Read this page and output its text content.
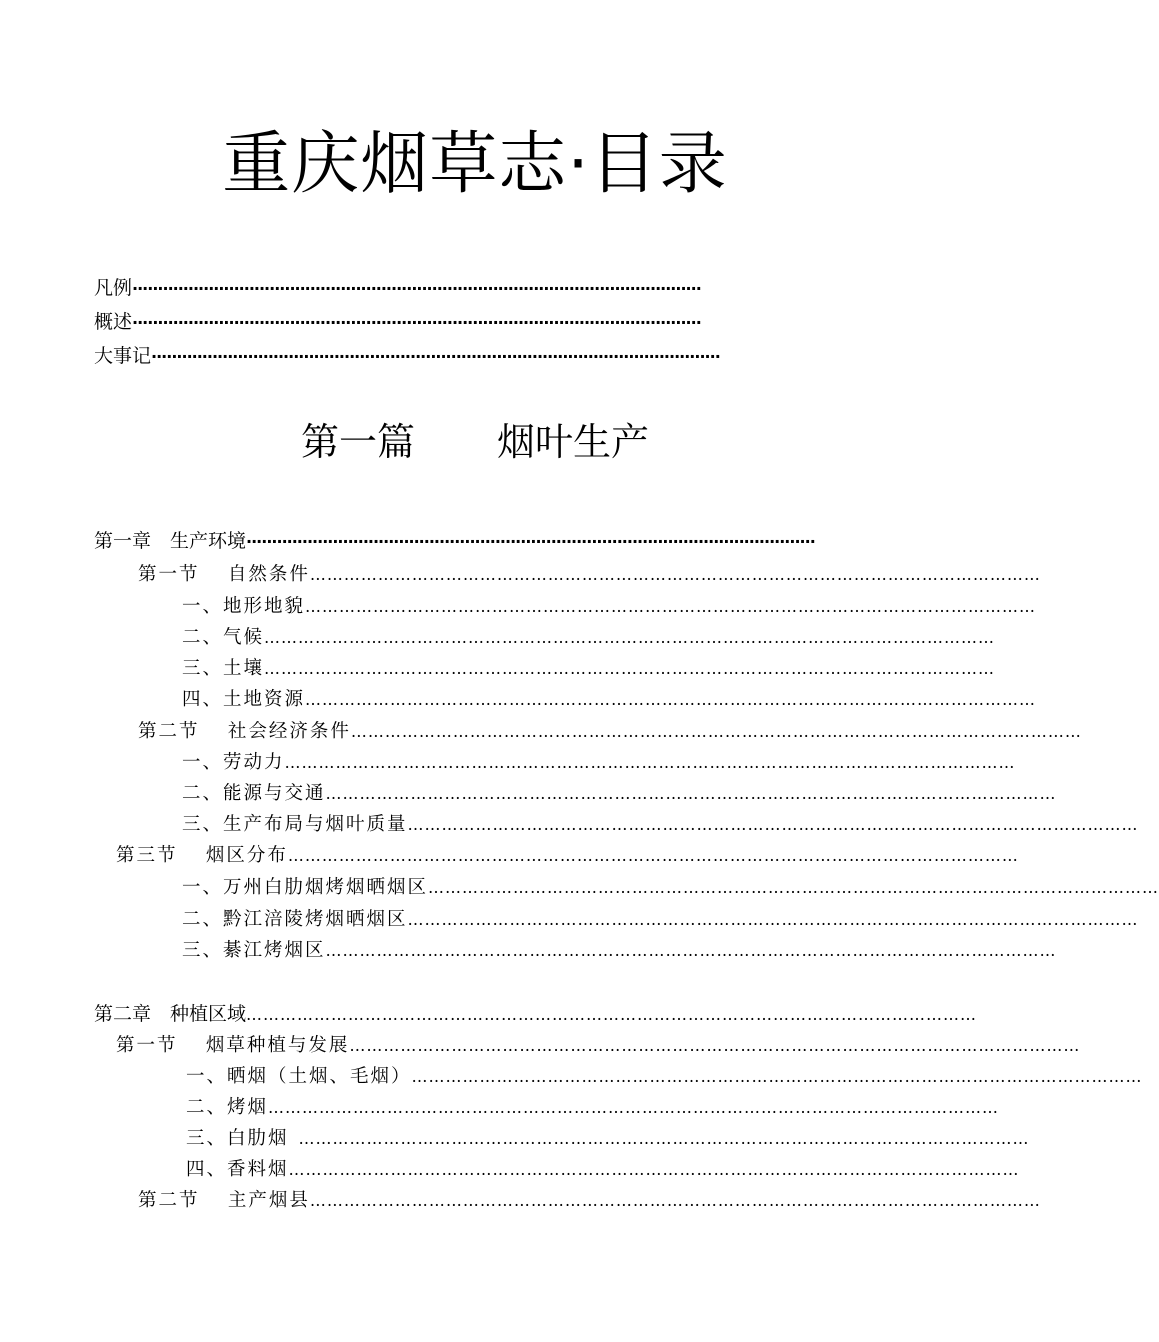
重庆烟草志·目录
凡例 ················································································································
概述 ················································································································
大事记 ················································································································
第一篇 烟叶生产
第一章　生产环境 ················································································································
第一节　 自然条件 …………………………………………………………………………………………………………………
一、地形地貌 …………………………………………………………………………………………………………………
二、气候 …………………………………………………………………………………………………………………
三、土壤 …………………………………………………………………………………………………………………
四、土地资源 …………………………………………………………………………………………………………………
第二节　 社会经济条件 …………………………………………………………………………………………………………………
一、劳动力 …………………………………………………………………………………………………………………
二、能源与交通 …………………………………………………………………………………………………………………
三、生产布局与烟叶质量 …………………………………………………………………………………………………………………
第三节　 烟区分布 …………………………………………………………………………………………………………………
一、万州白肋烟烤烟晒烟区 …………………………………………………………………………………………………………………
二、黔江涪陵烤烟晒烟区 …………………………………………………………………………………………………………………
三、綦江烤烟区 …………………………………………………………………………………………………………………
第二章　种植区域 …………………………………………………………………………………………………………………
第一节　 烟草种植与发展 …………………………………………………………………………………………………………………
一、晒烟（土烟、毛烟） …………………………………………………………………………………………………………………
二、烤烟 …………………………………………………………………………………………………………………
三、白肋烟 …………………………………………………………………………………………………………………
四、香料烟 …………………………………………………………………………………………………………………
第二节　 主产烟县 …………………………………………………………………………………………………………………
